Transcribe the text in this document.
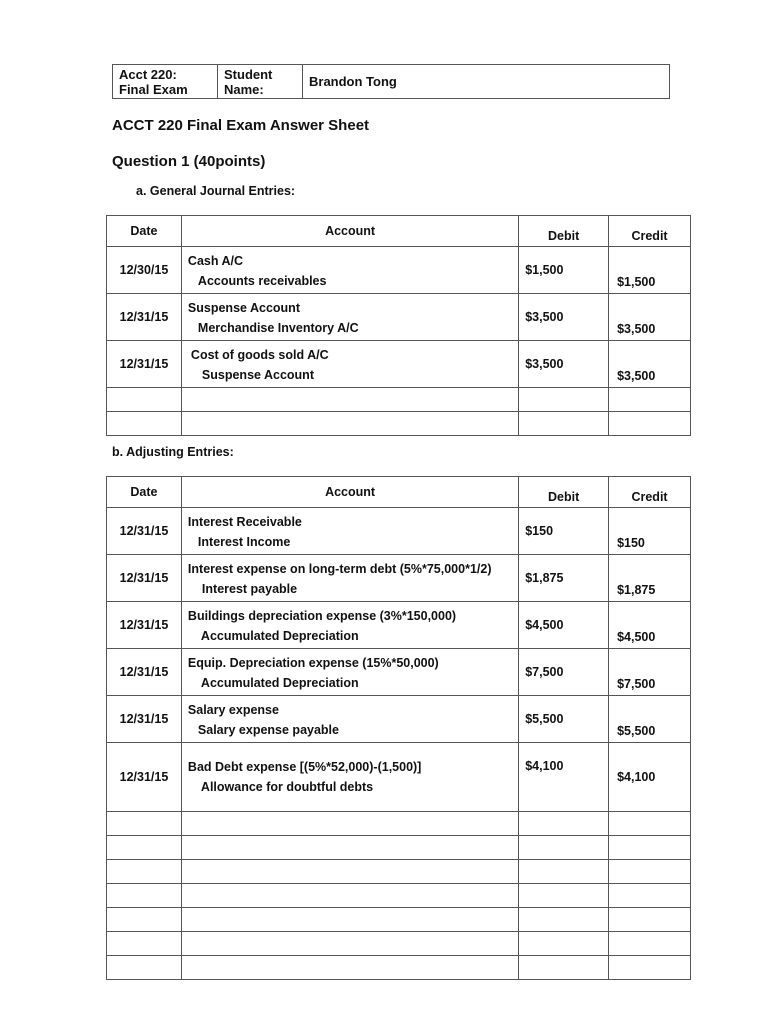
Acct 220:
Final Exam

Student
Name:	Brandon Tong
ACCT 220 Final Exam Answer Sheet
Question 1 (40points)
a. General Journal Entries:
Date	Account	Debit	Credit
12/30/15	Cash A/C
Accounts receivables	$1,500	$1,500
12/31/15	Suspense Account
Merchandise Inventory A/C	$3,500	$3,500
12/31/15	Cost of goods sold A/C
Suspense Account	$3,500	$3,500

b. Adjusting Entries:
Date	Account	Debit	Credit
12/31/15	Interest Receivable
Interest Income	$150	$150
12/31/15	Interest expense on long-term debt (5%*75,000*1/2)
Interest payable	$1,875	$1,875
12/31/15	Buildings depreciation expense (3%*150,000)
Accumulated Depreciation	$4,500	$4,500
12/31/15	Equip. Depreciation expense (15%*50,000)
Accumulated Depreciation	$7,500	$7,500
12/31/15	Salary expense
Salary expense payable	$5,500	$5,500
12/31/15	Bad Debt expense [(5%*52,000)-(1,500)]
Allowance for doubtful debts	$4,100	$4,100
